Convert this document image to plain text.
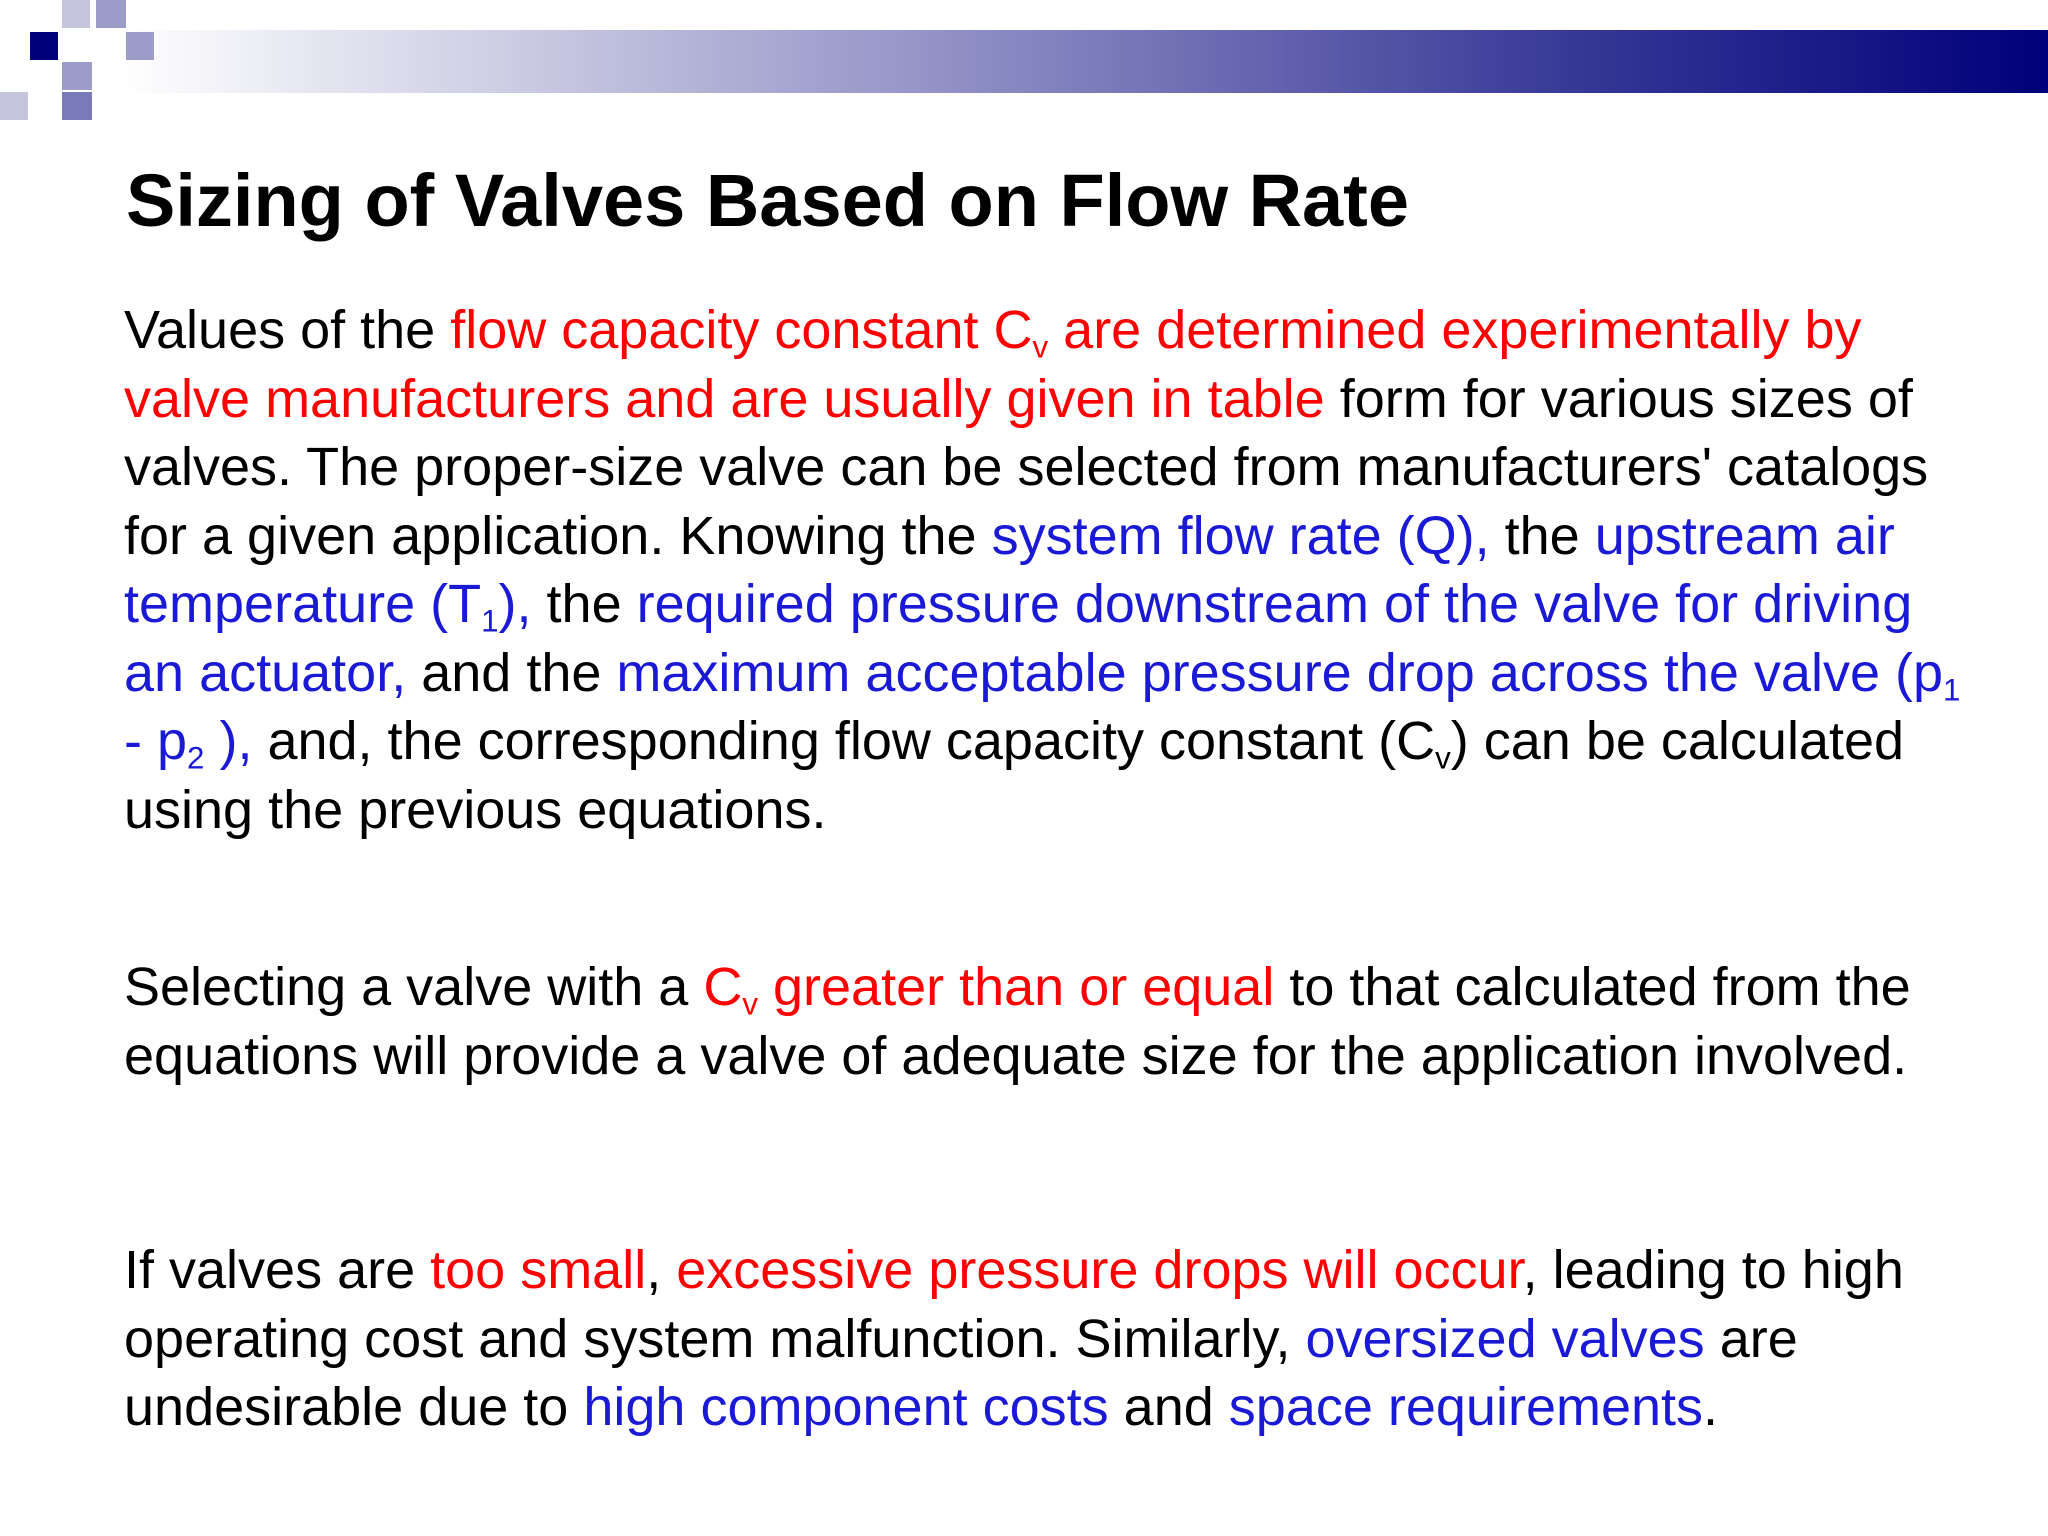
Sizing of Valves Based on Flow Rate

Values of the flow capacity constant $C_v$ are determined experimentally by valve manufacturers and are usually given in table form for various sizes of valves. The proper-size valve can be selected from manufacturers' catalogs for a given application. Knowing the system flow rate (Q), the upstream air temperature $(T_1)$, the required pressure downstream of the valve for driving an actuator, and the maximum acceptable pressure drop across the valve ($p_1 - p_2$ ), and, the corresponding flow capacity constant $(C_v)$ can be calculated using the previous equations.

Selecting a valve with a $C_v$ greater than or equal to that calculated from the equations will provide a valve of adequate size for the application involved.

If valves are too small, excessive pressure drops will occur, leading to high operating cost and system malfunction. Similarly, oversized valves are undesirable due to high component costs and space requirements.
